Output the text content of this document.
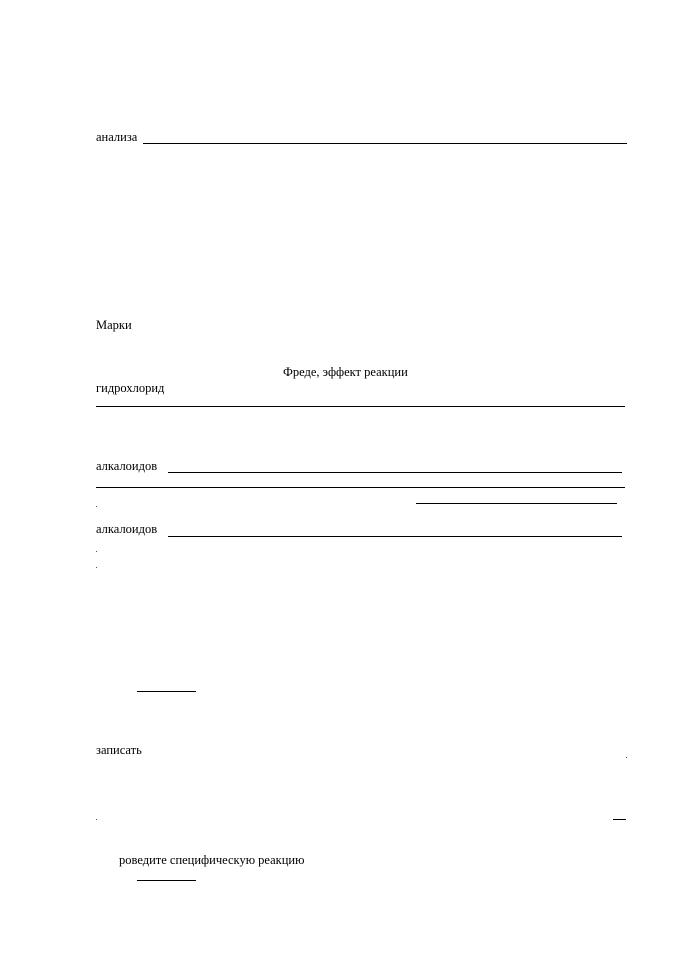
анализа
Марки
Фреде, эффект реакции
гидрохлорид
алкалоидов
алкалоидов
записать
роведите специфическую реакцию
